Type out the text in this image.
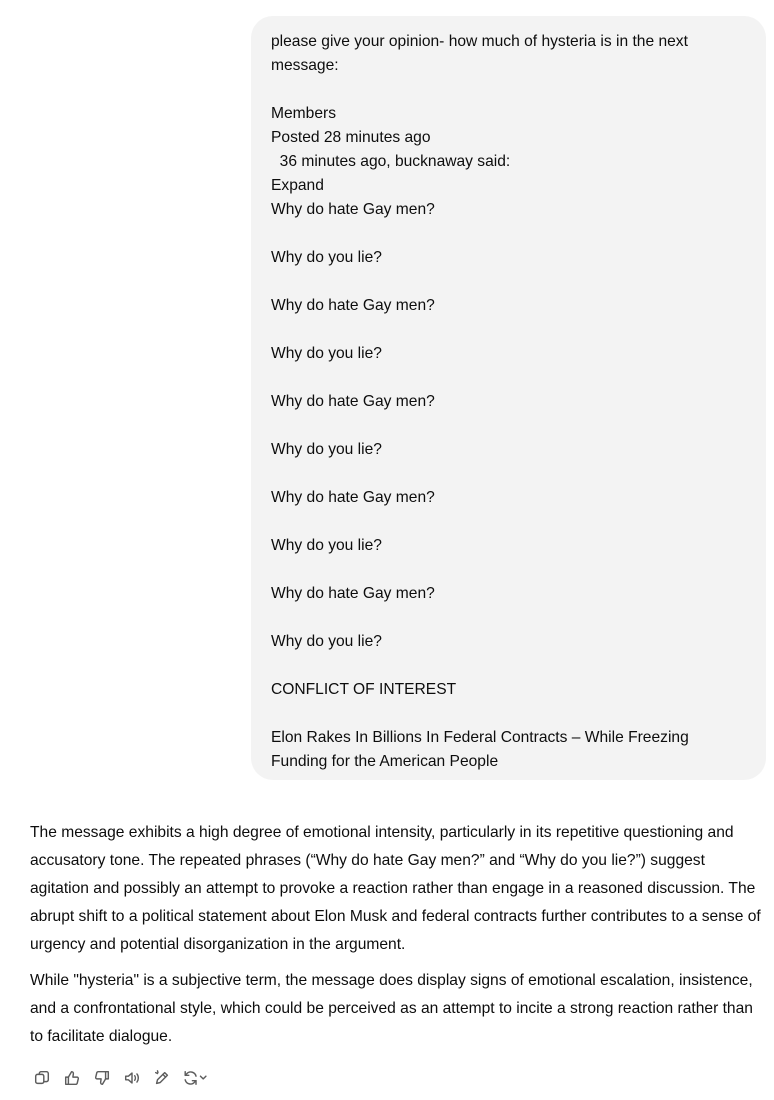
please give your opinion- how much of hysteria is in the next
message:
Members
Posted 28 minutes ago
36 minutes ago, bucknaway said:
Expand
Why do hate Gay men?
Why do you lie?
Why do hate Gay men?
Why do you lie?
Why do hate Gay men?
Why do you lie?
Why do hate Gay men?
Why do you lie?
Why do hate Gay men?
Why do you lie?
CONFLICT OF INTEREST
Elon Rakes In Billions In Federal Contracts – While Freezing
Funding for the American People

The message exhibits a high degree of emotional intensity, particularly in its repetitive questioning and accusatory tone. The repeated phrases (“Why do hate Gay men?” and “Why do you lie?”) suggest agitation and possibly an attempt to provoke a reaction rather than engage in a reasoned discussion. The abrupt shift to a political statement about Elon Musk and federal contracts further contributes to a sense of urgency and potential disorganization in the argument.

While "hysteria" is a subjective term, the message does display signs of emotional escalation, insistence, and a confrontational style, which could be perceived as an attempt to incite a strong reaction rather than to facilitate dialogue.
